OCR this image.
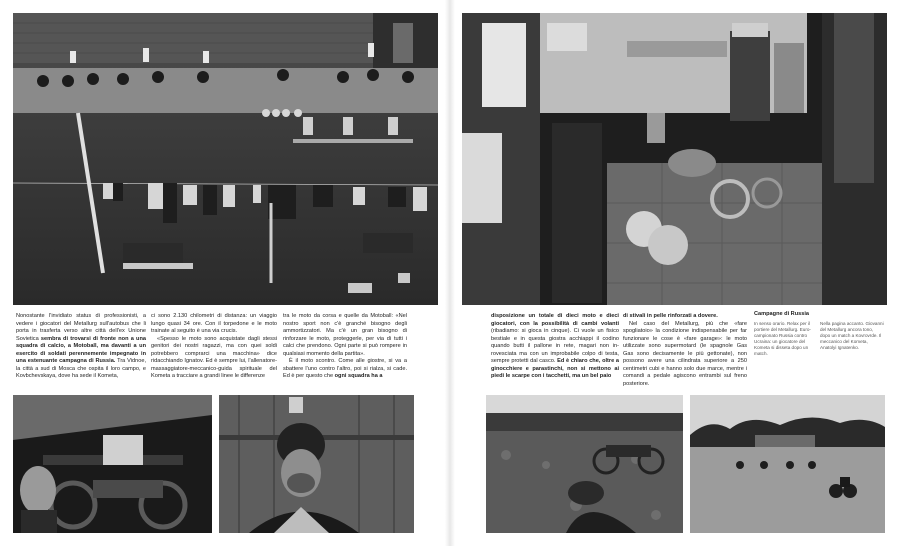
Nonostante l'invidiato status di professionisti, a vedere i giocatori del Metallurg sull'autobus che li porta in trasferta verso altre città dell'ex Unione Sovietica sembra di trovarsi di fronte non a una squadra di calcio, a Motoball, ma davanti a un esercito di soldati perennemente impegnato in una estenuante campagna di Russia. Tra Vidnoe, la città a sud di Mosca che ospita il loro campo, e Kovbchevskaya, dove ha sede il Kometa,

ci sono 2.130 chilometri di distanza: un viaggio lungo quasi 34 ore. Con il torpedone e le moto trainate al seguito è una via crucis.

«Spesso le moto sono acquistate dagli stessi genitori dei nostri ragazzi, ma con quei soldi potrebbero comprarci una macchina» dice ridacchiando Ignatov. Ed è sempre lui, l'allenatore-massaggiatore-meccanico-guida spirituale del Kometa a tracciare a grandi linee le differenze

tra le moto da corsa e quelle da Motoball: «Nel nostro sport non c'è granché bisogno degli ammortizzatori. Ma c'è un gran bisogno di rinforzare le moto, proteggerle, per via di tutti i calci che prendono. Ogni parte si può rompere in qualsiasi momento della partita».

È il moto scontro. Come alle giostre, si va a sbattere l'uno contro l'altro, poi si rialza, si cade. Ed è per questo che ogni squadra ha a

disposizione un totale di dieci moto e dieci giocatori, con la possibilità di cambi volanti (ribadiamo: si gioca in cinque). Ci vuole un fisico bestiale e in questa giostra acchiappi il codino quando butti il pallone in rete, magari non in-rovesciata ma con un improbabile colpo di testa, sempre protetti dal casco. Ed è chiaro che, oltre a ginocchiere e parastinchi, non si mettono ai piedi le scarpe con i tacchetti, ma un bel paio

di stivali in pelle rinforzati a dovere.

Nel caso del Metallurg, più che «fare spogliatoio» la condizione indispensabile per far funzionare le cose è «fare garage»: le moto utilizzate sono supermotard (le spagnole Gas Gas sono decisamente le più gettonate), non possono avere una cilindrata superiore a 250 centimetri cubi e hanno solo due marce, mentre i comandi a pedale agiscono entrambi sul freno posteriore.

Campagne di Russia
In senso orario. Relax per il portiere del Metallurg. Euro-campionato Russia contro Ucraina: un giocatore del Kometa si disseta dopo un match.
Nella pagina accanto. Giovanni del Metallurg ancora tono, dopo un match a Kovrovrde. Il meccanico del Kometa, Anatolyi Ignatenko.
